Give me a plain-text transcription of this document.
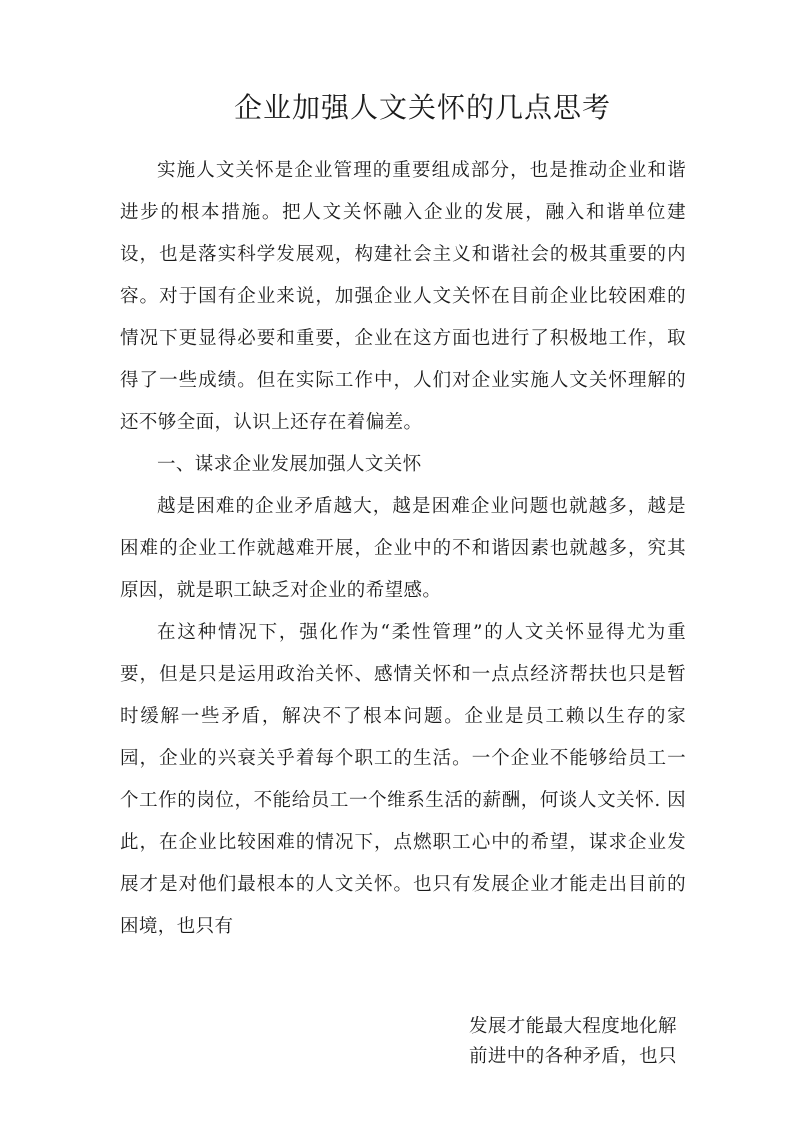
企业加强人文关怀的几点思考

实施人文关怀是企业管理的重要组成部分，也是推动企业和谐进步的根本措施。把人文关怀融入企业的发展，融入和谐单位建设，也是落实科学发展观，构建社会主义和谐社会的极其重要的内容。对于国有企业来说，加强企业人文关怀在目前企业比较困难的情况下更显得必要和重要，企业在这方面也进行了积极地工作，取得了一些成绩。但在实际工作中，人们对企业实施人文关怀理解的还不够全面，认识上还存在着偏差。

一、谋求企业发展加强人文关怀

越是困难的企业矛盾越大，越是困难企业问题也就越多，越是困难的企业工作就越难开展，企业中的不和谐因素也就越多，究其原因，就是职工缺乏对企业的希望感。

在这种情况下，强化作为“柔性管理”的人文关怀显得尤为重要，但是只是运用政治关怀、感情关怀和一点点经济帮扶也只是暂时缓解一些矛盾，解决不了根本问题。企业是员工赖以生存的家园，企业的兴衰关乎着每个职工的生活。一个企业不能够给员工一个工作的岗位，不能给员工一个维系生活的薪酬，何谈人文关怀. 因此，在企业比较困难的情况下，点燃职工心中的希望，谋求企业发展才是对他们最根本的人文关怀。也只有发展企业才能走出目前的困境，也只有

发展才能最大程度地化解
前进中的各种矛盾，也只
